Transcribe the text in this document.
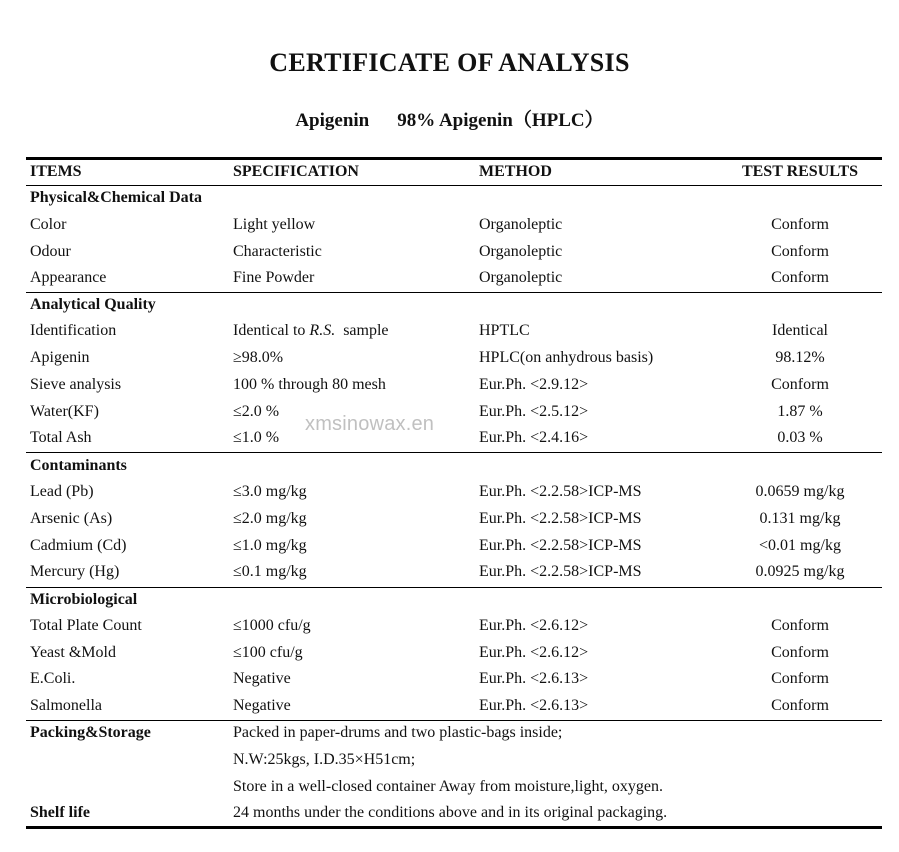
CERTIFICATE OF ANALYSIS
Apigenin 98% Apigenin（HPLC）
ITEMS	SPECIFICATION	METHOD	TEST RESULTS
Physical&Chemical Data
Color	Light yellow	Organoleptic	Conform
Odour	Characteristic	Organoleptic	Conform
Appearance	Fine Powder	Organoleptic	Conform
Analytical Quality
Identification	Identical to R.S.  sample	HPTLC	Identical
Apigenin	≥98.0%	HPLC(on anhydrous basis)	98.12%
Sieve analysis	100 % through 80 mesh	Eur.Ph. <2.9.12>	Conform
Water(KF)	≤2.0 %	Eur.Ph. <2.5.12>	1.87 %
Total Ash	≤1.0 %	Eur.Ph. <2.4.16>	0.03 %
Contaminants
Lead (Pb)	≤3.0 mg/kg	Eur.Ph. <2.2.58>ICP-MS	0.0659 mg/kg
Arsenic (As)	≤2.0 mg/kg	Eur.Ph. <2.2.58>ICP-MS	0.131 mg/kg
Cadmium (Cd)	≤1.0 mg/kg	Eur.Ph. <2.2.58>ICP-MS	<0.01 mg/kg
Mercury (Hg)	≤0.1 mg/kg	Eur.Ph. <2.2.58>ICP-MS	0.0925 mg/kg
Microbiological
Total Plate Count	≤1000 cfu/g	Eur.Ph. <2.6.12>	Conform
Yeast &Mold	≤100 cfu/g	Eur.Ph. <2.6.12>	Conform
E.Coli.	Negative	Eur.Ph. <2.6.13>	Conform
Salmonella	Negative	Eur.Ph. <2.6.13>	Conform
Packing&Storage	Packed in paper-drums and two plastic-bags inside;
N.W:25kgs, I.D.35×H51cm;
Store in a well-closed container Away from moisture,light, oxygen.
Shelf life	24 months under the conditions above and in its original packaging.
xmsinowax.en
